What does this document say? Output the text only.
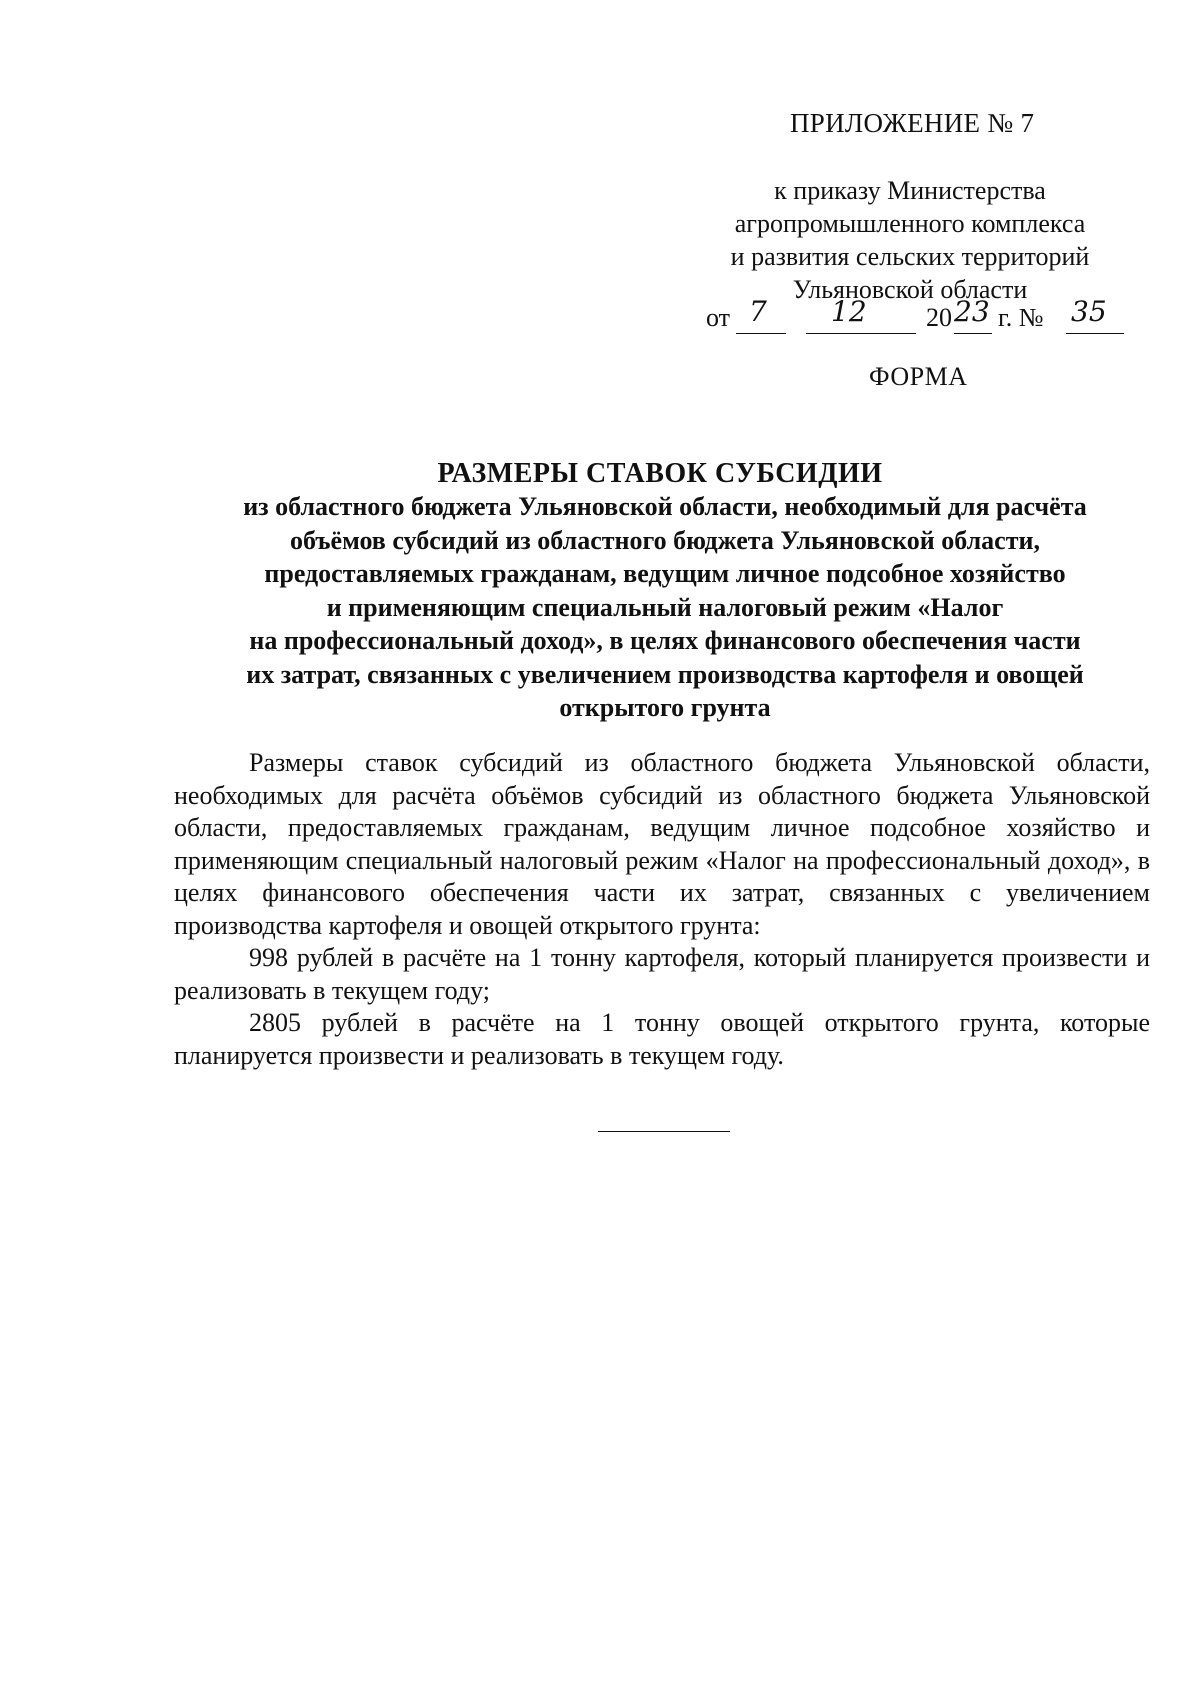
ПРИЛОЖЕНИЕ № 7
к приказу Министерства
агропромышленного комплекса
и развития сельских территорий
Ульяновской области
от 7 12 20 23 г. № 35
ФОРМА
РАЗМЕРЫ СТАВОК СУБСИДИИ
из областного бюджета Ульяновской области, необходимый для расчёта
объёмов субсидий из областного бюджета Ульяновской области,
предоставляемых гражданам, ведущим личное подсобное хозяйство
и применяющим специальный налоговый режим «Налог
на профессиональный доход», в целях финансового обеспечения части
их затрат, связанных с увеличением производства картофеля и овощей
открытого грунта

Размеры ставок субсидий из областного бюджета Ульяновской области, необходимых для расчёта объёмов субсидий из областного бюджета Ульяновской области, предоставляемых гражданам, ведущим личное подсобное хозяйство и применяющим специальный налоговый режим «Налог на профессиональный доход», в целях финансового обеспечения части их затрат, связанных с увеличением производства картофеля и овощей открытого грунта:

998 рублей в расчёте на 1 тонну картофеля, который планируется произвести и реализовать в текущем году;

2805 рублей в расчёте на 1 тонну овощей открытого грунта, которые планируется произвести и реализовать в текущем году.
